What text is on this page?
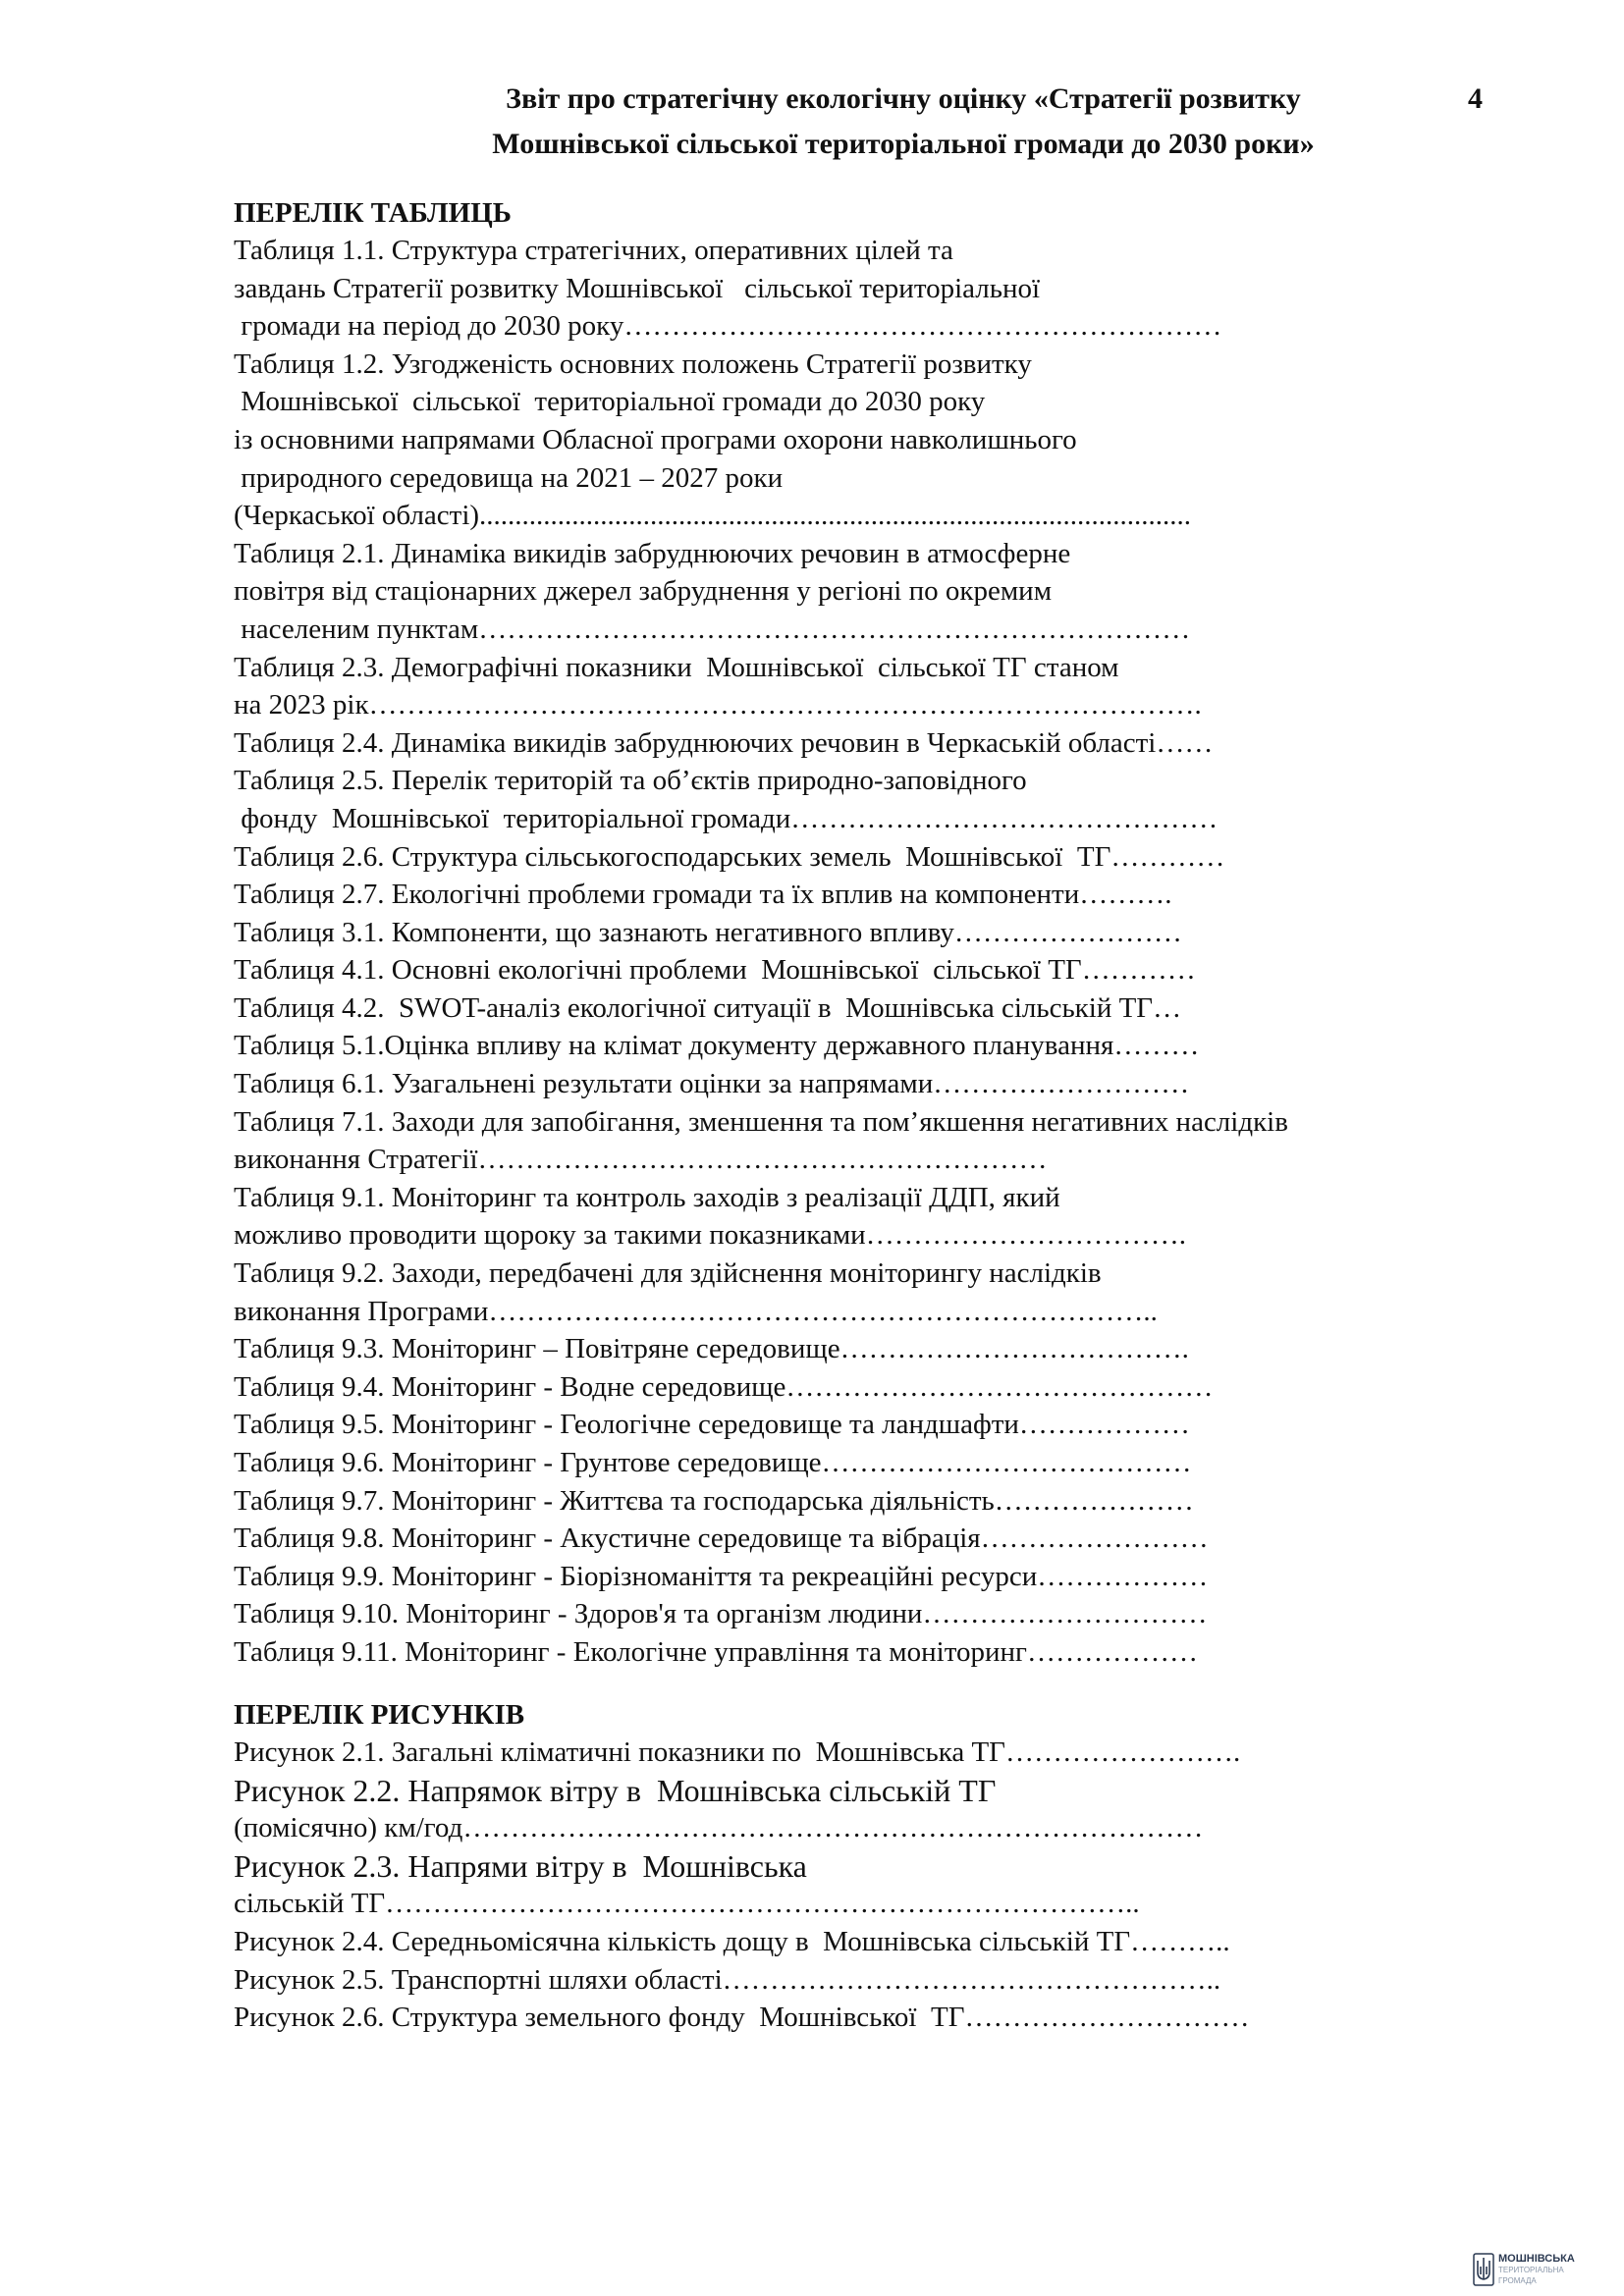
Звіт про стратегічну екологічну оцінку «Стратегії розвитку
Мошнівської сільської територіальної громади до 2030 роки»
4

ПЕРЕЛІК ТАБЛИЦЬ

Таблиця 1.1. Структура стратегічних, оперативних цілей та
завдань Стратегії розвитку Мошнівської   сільської територіальної
громади на період до 2030 року………………………………………………………
Таблиця 1.2. Узгодженість основних положень Стратегії розвитку
Мошнівської  сільської  територіальної громади до 2030 року
із основними напрямами Обласної програми охорони навколишнього
природного середовища на 2021 – 2027 роки
(Черкаської області)....................................................................................................
Таблиця 2.1. Динаміка викидів забруднюючих речовин в атмосферне
повітря від стаціонарних джерел забруднення у регіоні по окремим
населеним пунктам…………………………………………………………………
Таблиця 2.3. Демографічні показники  Мошнівської  сільської ТГ станом
на 2023 рік…………………………………………………………………………….
Таблиця 2.4. Динаміка викидів забруднюючих речовин в Черкаській області……
Таблиця 2.5. Перелік територій та об’єктів природно-заповідного
фонду  Мошнівської  територіальної громади………………………………………
Таблиця 2.6. Структура сільськогосподарських земель  Мошнівської  ТГ…………
Таблиця 2.7. Екологічні проблеми громади та їх вплив на компоненти……….
Таблиця 3.1. Компоненти, що зазнають негативного впливу……………………
Таблиця 4.1. Основні екологічні проблеми  Мошнівської  сільської ТГ…………
Таблиця 4.2.  SWOT-аналіз екологічної ситуації в  Мошнівська сільській ТГ…
Таблиця 5.1.Оцінка впливу на клімат документу державного планування………
Таблиця 6.1. Узагальнені результати оцінки за напрямами………………………
Таблиця 7.1. Заходи для запобігання, зменшення та пом’якшення негативних наслідків
виконання Стратегії……………………………………………………
Таблиця 9.1. Моніторинг та контроль заходів з реалізації ДДП, який
можливо проводити щороку за такими показниками…………………………….
Таблиця 9.2. Заходи, передбачені для здійснення моніторингу наслідків
виконання Програми……………………………………………………………..
Таблиця 9.3. Моніторинг – Повітряне середовище……………………………….
Таблиця 9.4. Моніторинг - Водне середовище………………………………………
Таблиця 9.5. Моніторинг - Геологічне середовище та ландшафти………………
Таблиця 9.6. Моніторинг - Грунтове середовище…………………………………
Таблиця 9.7. Моніторинг - Життєва та господарська діяльність…………………
Таблиця 9.8. Моніторинг - Акустичне середовище та вібрація……………………
Таблиця 9.9. Моніторинг - Біорізноманіття та рекреаційні ресурси………………
Таблиця 9.10. Моніторинг - Здоров'я та організм людини…………………………
Таблиця 9.11. Моніторинг - Екологічне управління та моніторинг………………

ПЕРЕЛІК РИСУНКІВ

Рисунок 2.1. Загальні кліматичні показники по  Мошнівська ТГ…………………….
Рисунок 2.2. Напрямок вітру в  Мошнівська сільській ТГ
(помісячно) км/год……………………………………………………………………
Рисунок 2.3. Напрями вітру в  Мошнівська
сільській ТГ……………………………………………………………………..
Рисунок 2.4. Середньомісячна кількість дощу в  Мошнівська сільській ТГ………..
Рисунок 2.5. Транспортні шляхи області……………………………………………..
Рисунок 2.6. Структура земельного фонду  Мошнівської  ТГ…………………………
МОШНІВСЬКА
ТЕРИТОРІАЛЬНА
ГРОМАДА
